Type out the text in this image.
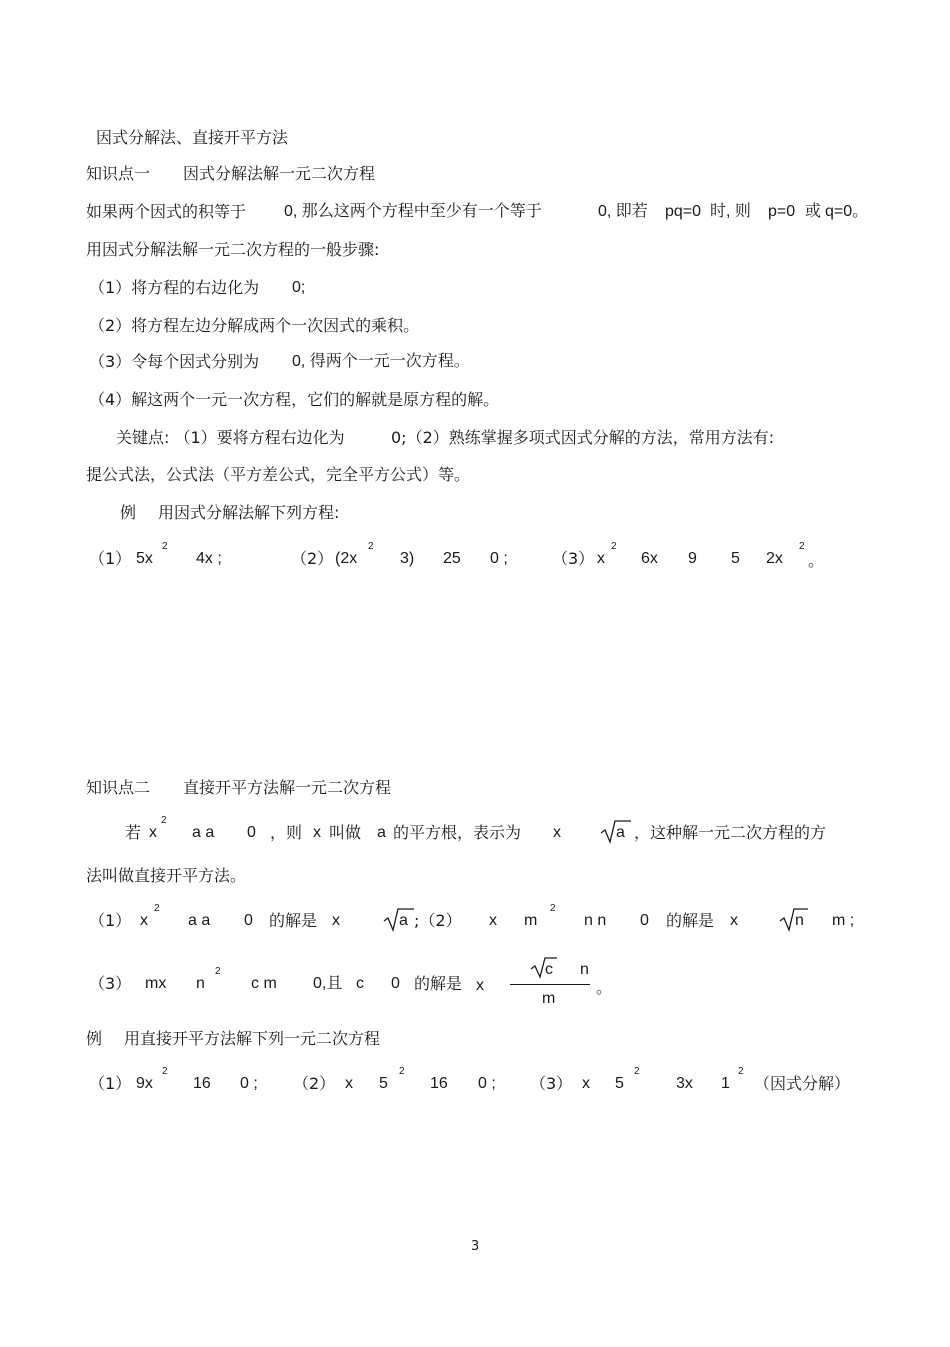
因式分解法、直接开平方法
知识点一 因式分解法解一元二次方程
如果两个因式的积等于 0, 那么这两个方程中至少有一个等于	0, 即若 pq=0 时, 则 p=0 或 q=0。
用因式分解法解一元二次方程的一般步骤:
（1）将方程的右边化为 0;
（2）将方程左边分解成两个一次因式的乘积。
（3）令每个因式分别为 0, 得两个一元一次方程。
（4）解这两个一元一次方程，它们的解就是原方程的解。
关键点: （1）要将方程右边化为	0;（2）熟练掌握多项式因式分解的方法，常用方法有:
提公式法，公式法（平方差公式，完全平方公式）等。
例 用因式分解法解下列方程:
（1） 5x
2
4x ;	（2） (2x
2
3) 25 0 ;	（3） x
2
6x 9 5 2x
2
。
知识点二 直接开平方法解一元二次方程
若 x
2
a a 0 ，则 x 叫做 a 的平方根，表示为 x	a ，这种解一元二次方程的方
法叫做直接开平方法。
（1） x
2
a a 0 的解是 x	a ;（2） x m
2
n n 0 的解是 x	n m ;
（3） mx n
2
c m 0,且 c 0 的解是 x
c n
m
。
例 用直接开平方法解下列一元二次方程
（1） 9x
2
16 0 ; （2） x 5
2
16 0 ; （3） x 5
2
3x 1
2
（因式分解）
3
